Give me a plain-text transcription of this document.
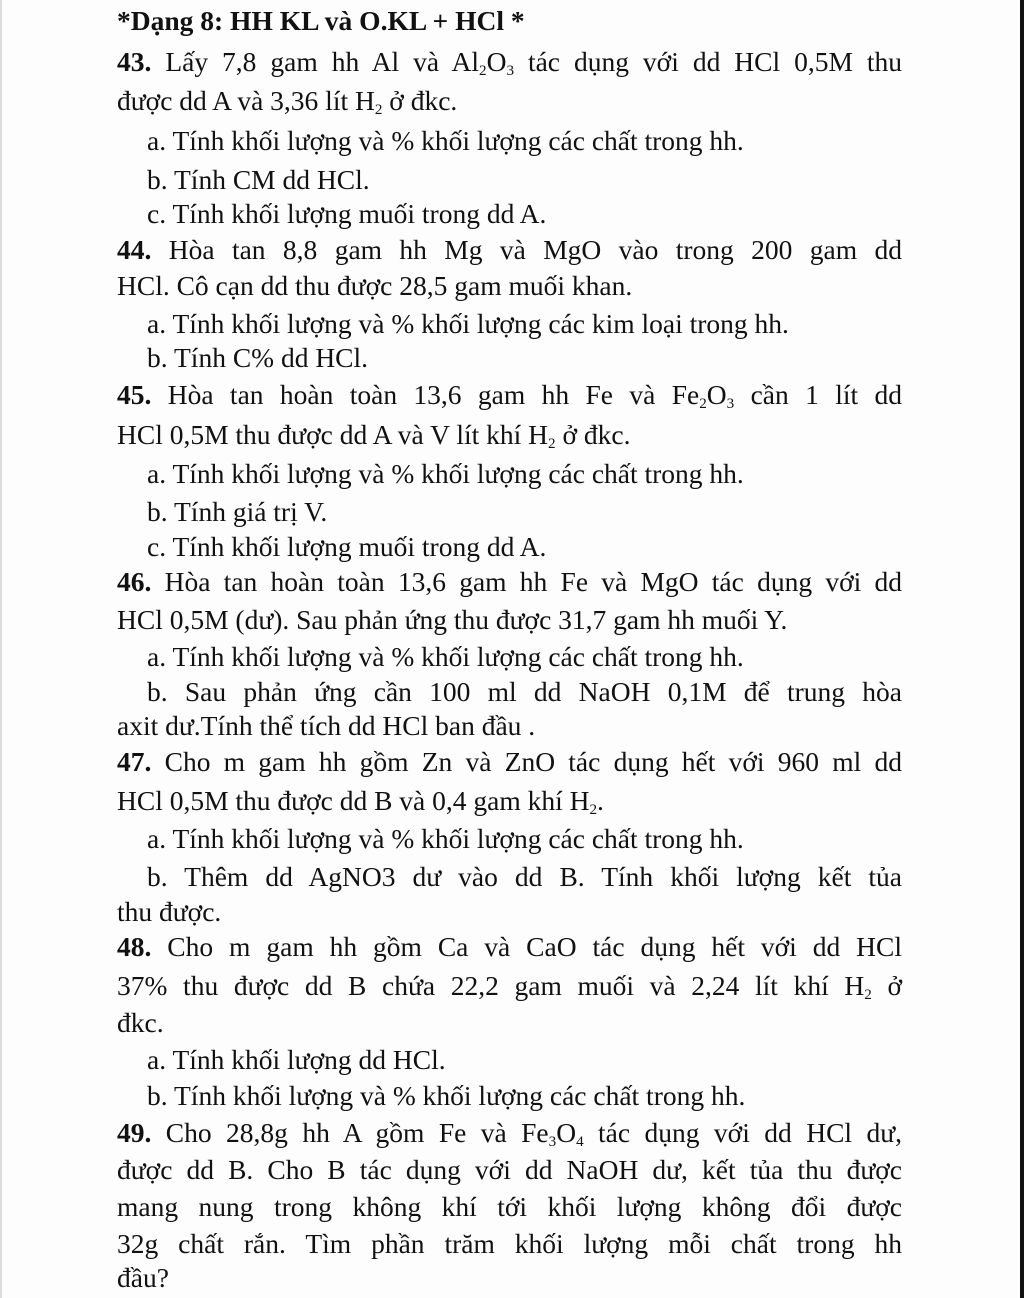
*Dạng 8: HH KL và O.KL + HCl *
43. Lấy 7,8 gam hh Al và $Al_2O_3$ tác dụng với dd HCl 0,5M thu
được dd A và 3,36 lít $H_2$ ở đkc.
a. Tính khối lượng và % khối lượng các chất trong hh.
b. Tính CM dd HCl.
c. Tính khối lượng muối trong dd A.
44. Hòa tan 8,8 gam hh Mg và MgO vào trong 200 gam dd
HCl. Cô cạn dd thu được 28,5 gam muối khan.
a. Tính khối lượng và % khối lượng các kim loại trong hh.
b. Tính C% dd HCl.
45. Hòa tan hoàn toàn 13,6 gam hh Fe và $Fe_2O_3$ cần 1 lít dd
HCl 0,5M thu được dd A và V lít khí $H_2$ ở đkc.
a. Tính khối lượng và % khối lượng các chất trong hh.
b. Tính giá trị V.
c. Tính khối lượng muối trong dd A.
46. Hòa tan hoàn toàn 13,6 gam hh Fe và MgO tác dụng với dd
HCl 0,5M (dư). Sau phản ứng thu được 31,7 gam hh muối Y.
a. Tính khối lượng và % khối lượng các chất trong hh.
b. Sau phản ứng cần 100 ml dd NaOH 0,1M để trung hòa
axit dư.Tính thể tích dd HCl ban đầu .
47. Cho m gam hh gồm Zn và ZnO tác dụng hết với 960 ml dd
HCl 0,5M thu được dd B và 0,4 gam khí $H_2$.
a. Tính khối lượng và % khối lượng các chất trong hh.
b. Thêm dd AgNO3 dư vào dd B. Tính khối lượng kết tủa
thu được.
48. Cho m gam hh gồm Ca và CaO tác dụng hết với dd HCl
37% thu được dd B chứa 22,2 gam muối và 2,24 lít khí $H_2$ ở
đkc.
a. Tính khối lượng dd HCl.
b. Tính khối lượng và % khối lượng các chất trong hh.
49. Cho 28,8g hh A gồm Fe và $Fe_3O_4$ tác dụng với dd HCl dư,
được dd B. Cho B tác dụng với dd NaOH dư, kết tủa thu được
mang nung trong không khí tới khối lượng không đổi được
32g chất rắn. Tìm phần trăm khối lượng mỗi chất trong hh
đầu?
